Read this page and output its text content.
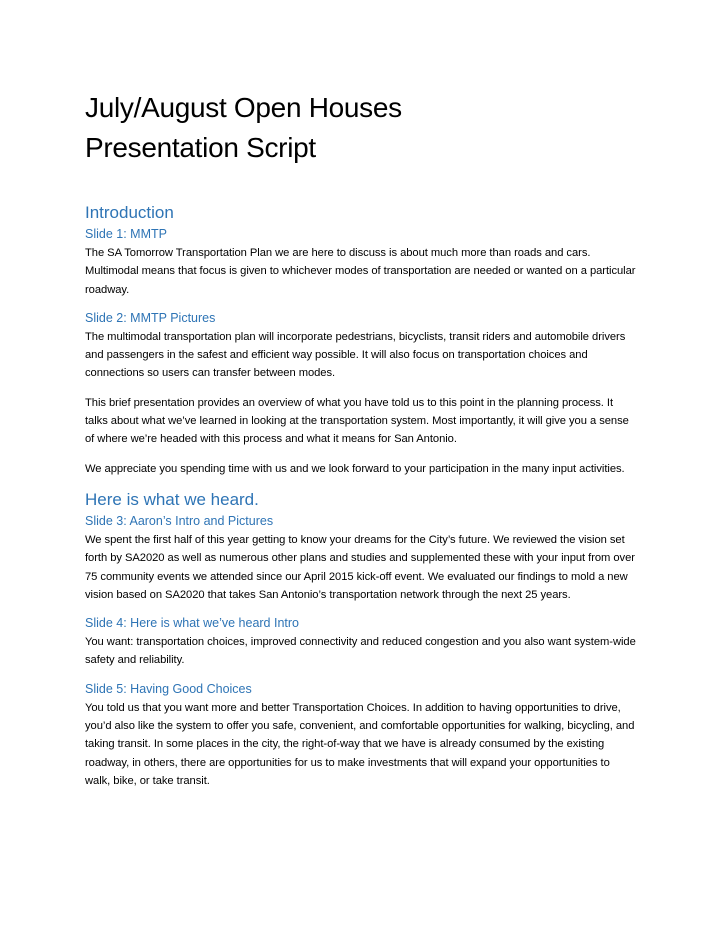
July/August Open Houses
Presentation Script
Introduction
Slide 1: MMTP

The SA Tomorrow Transportation Plan we are here to discuss is about much more than roads and cars. Multimodal means that focus is given to whichever modes of transportation are needed or wanted on a particular roadway.

Slide 2: MMTP Pictures

The multimodal transportation plan will incorporate pedestrians, bicyclists, transit riders and automobile drivers and passengers in the safest and efficient way possible. It will also focus on transportation choices and connections so users can transfer between modes.

This brief presentation provides an overview of what you have told us to this point in the planning process. It talks about what we’ve learned in looking at the transportation system. Most importantly, it will give you a sense of where we’re headed with this process and what it means for San Antonio.

We appreciate you spending time with us and we look forward to your participation in the many input activities.

Here is what we heard.
Slide 3: Aaron’s Intro and Pictures

We spent the first half of this year getting to know your dreams for the City’s future. We reviewed the vision set forth by SA2020 as well as numerous other plans and studies and supplemented these with your input from over 75 community events we attended since our April 2015 kick-off event. We evaluated our findings to mold a new vision based on SA2020 that takes San Antonio’s transportation network through the next 25 years.

Slide 4: Here is what we’ve heard Intro

You want: transportation choices, improved connectivity and reduced congestion and you also want system-wide safety and reliability.

Slide 5: Having Good Choices

You told us that you want more and better Transportation Choices. In addition to having opportunities to drive, you’d also like the system to offer you safe, convenient, and comfortable opportunities for walking, bicycling, and taking transit. In some places in the city, the right-of-way that we have is already consumed by the existing roadway, in others, there are opportunities for us to make investments that will expand your opportunities to walk, bike, or take transit.
